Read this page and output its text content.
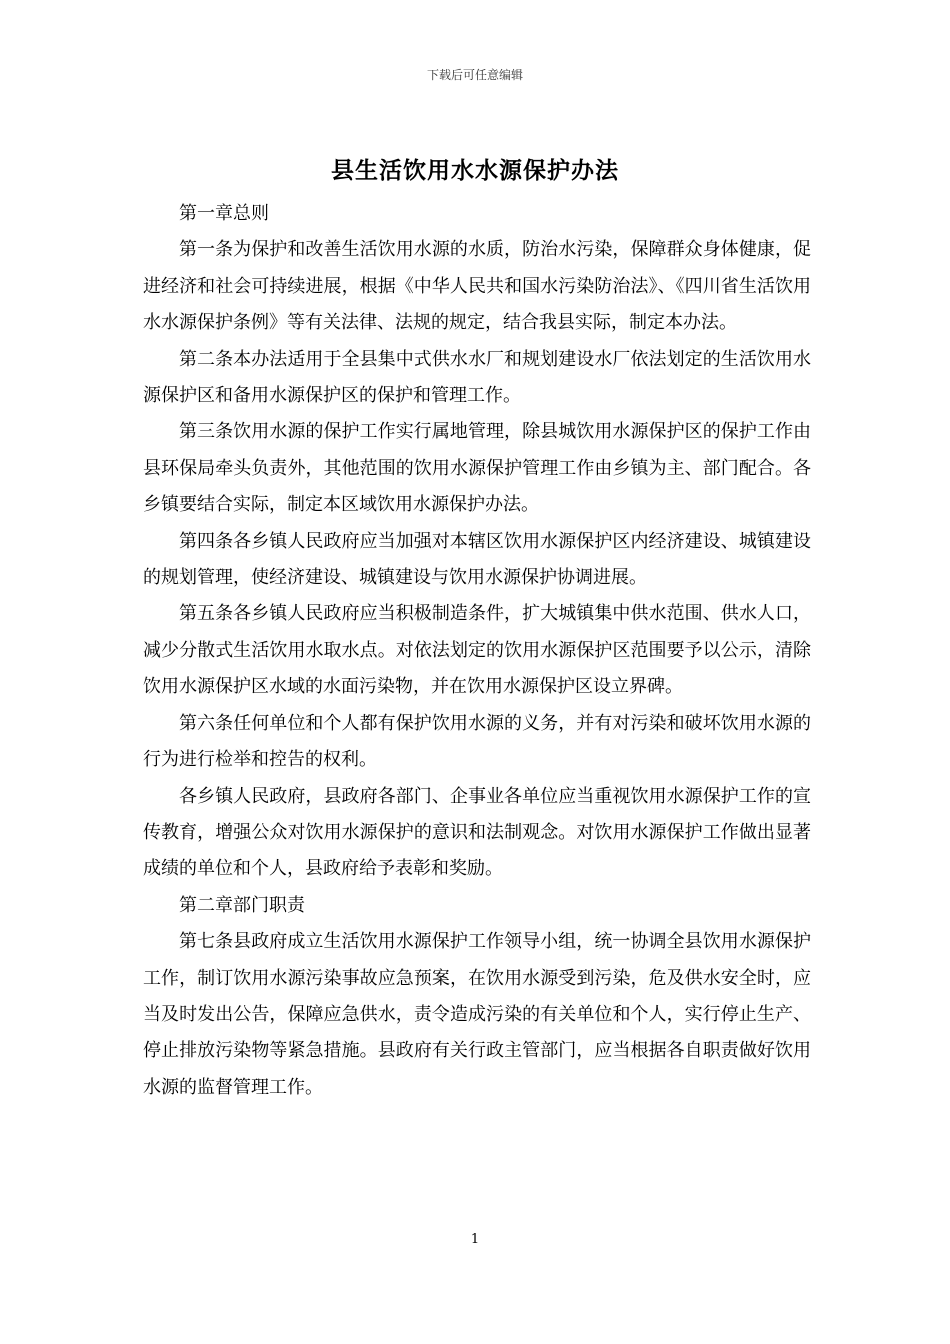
下载后可任意编辑
县生活饮用水水源保护办法

第一章总则

第一条为保护和改善生活饮用水源的水质，防治水污染，保障群众身体健康，促进经济和社会可持续进展，根据《中华人民共和国水污染防治法》、《四川省生活饮用水水源保护条例》等有关法律、法规的规定，结合我县实际，制定本办法。

第二条本办法适用于全县集中式供水水厂和规划建设水厂依法划定的生活饮用水源保护区和备用水源保护区的保护和管理工作。

第三条饮用水源的保护工作实行属地管理，除县城饮用水源保护区的保护工作由县环保局牵头负责外，其他范围的饮用水源保护管理工作由乡镇为主、部门配合。各乡镇要结合实际，制定本区域饮用水源保护办法。

第四条各乡镇人民政府应当加强对本辖区饮用水源保护区内经济建设、城镇建设的规划管理，使经济建设、城镇建设与饮用水源保护协调进展。

第五条各乡镇人民政府应当积极制造条件，扩大城镇集中供水范围、供水人口，减少分散式生活饮用水取水点。对依法划定的饮用水源保护区范围要予以公示，清除饮用水源保护区水域的水面污染物，并在饮用水源保护区设立界碑。

第六条任何单位和个人都有保护饮用水源的义务，并有对污染和破坏饮用水源的行为进行检举和控告的权利。

各乡镇人民政府，县政府各部门、企事业各单位应当重视饮用水源保护工作的宣传教育，增强公众对饮用水源保护的意识和法制观念。对饮用水源保护工作做出显著成绩的单位和个人，县政府给予表彰和奖励。

第二章部门职责

第七条县政府成立生活饮用水源保护工作领导小组，统一协调全县饮用水源保护工作，制订饮用水源污染事故应急预案，在饮用水源受到污染，危及供水安全时，应当及时发出公告，保障应急供水，责令造成污染的有关单位和个人，实行停止生产、停止排放污染物等紧急措施。县政府有关行政主管部门，应当根据各自职责做好饮用水源的监督管理工作。

1
